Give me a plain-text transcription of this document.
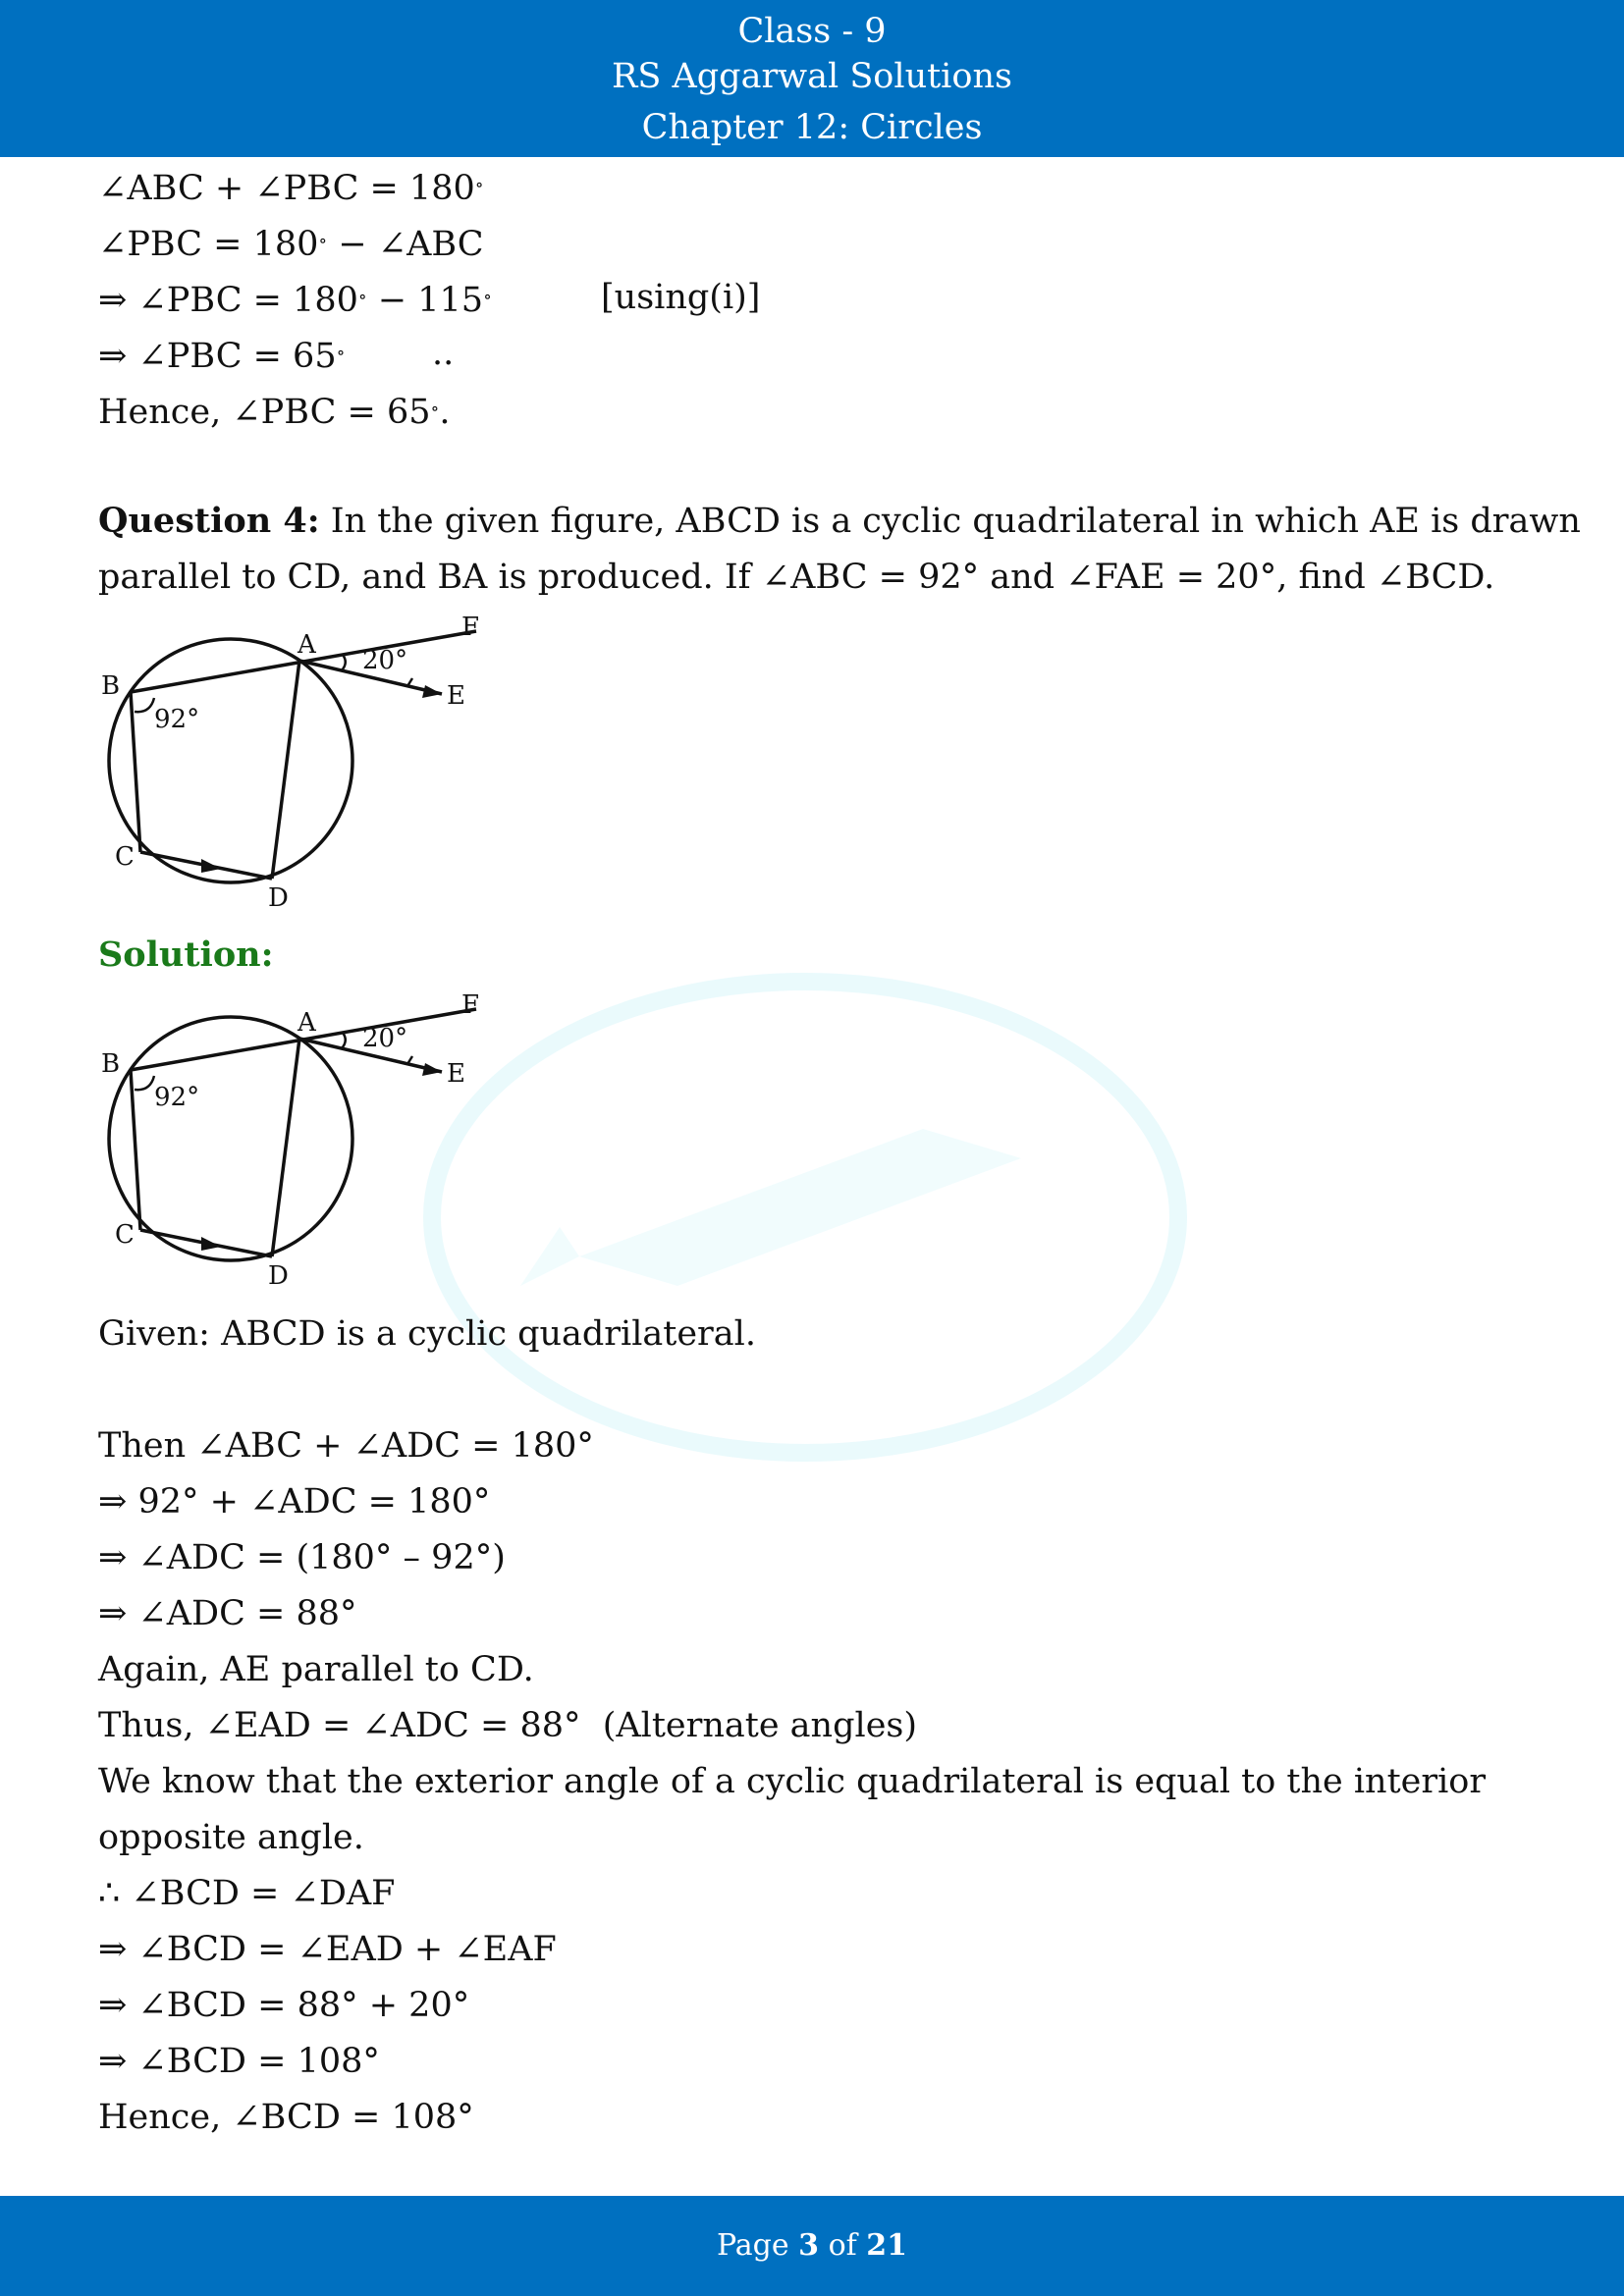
Class - 9
RS Aggarwal Solutions
Chapter 12: Circles
∠ABC + ∠PBC = 180∘
∠PBC = 180∘ − ∠ABC
⇒ ∠PBC = 180∘ − 115∘	[using(i)]
⇒ ∠PBC = 65∘	..
Hence, ∠PBC = 65∘.
Question 4: In the given figure, ABCD is a cyclic quadrilateral in which AE is drawn
parallel to CD, and BA is produced. If ∠ABC = 92° and ∠FAE = 20°, find ∠BCD.
A
B
C
D
E
F
92°
20°
Solution:
A
B
C
D
E
F
92°
20°
Given: ABCD is a cyclic quadrilateral.
Then ∠ABC + ∠ADC = 180°
⇒ 92° + ∠ADC = 180°
⇒ ∠ADC = (180° – 92°)
⇒ ∠ADC = 88°
Again, AE parallel to CD.
Thus, ∠EAD = ∠ADC = 88°  (Alternate angles)
We know that the exterior angle of a cyclic quadrilateral is equal to the interior
opposite angle.
∴ ∠BCD = ∠DAF
⇒ ∠BCD = ∠EAD + ∠EAF
⇒ ∠BCD = 88° + 20°
⇒ ∠BCD = 108°
Hence, ∠BCD = 108°
Page 3 of 21
